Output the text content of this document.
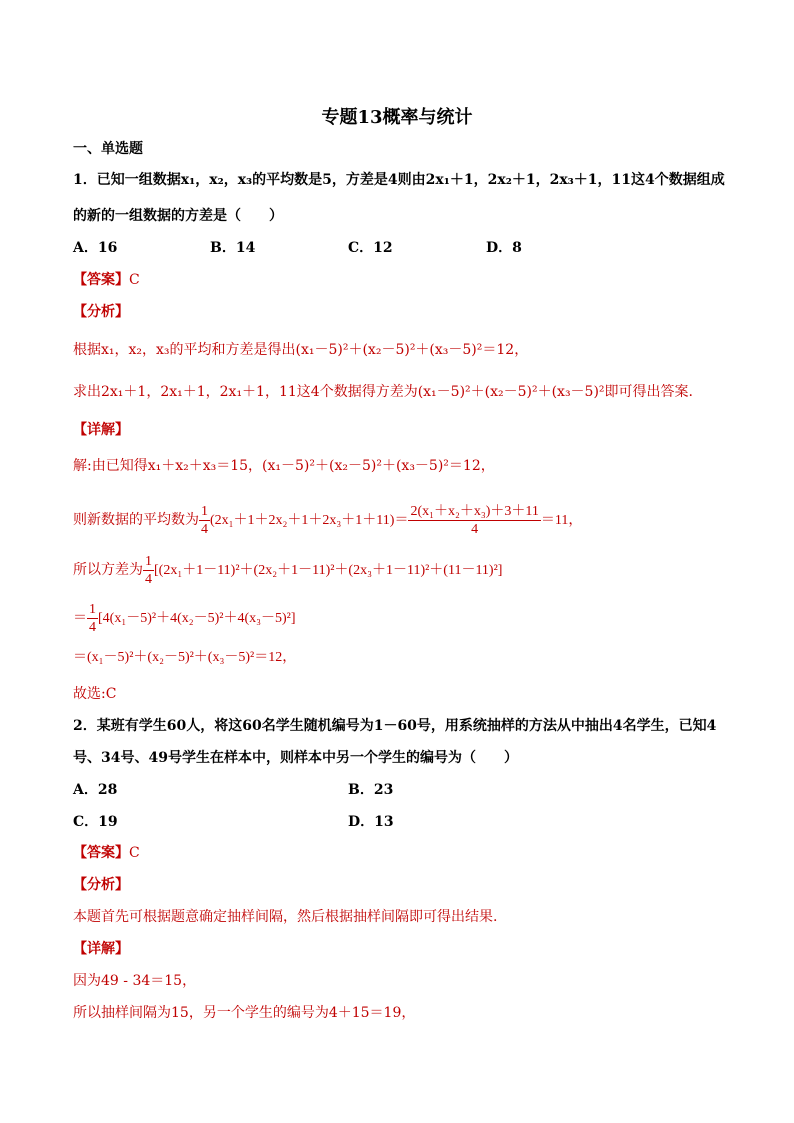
专题13概率与统计
一、单选题
1．已知一组数据x₁，x₂，x₃的平均数是5，方差是4则由2x₁＋1，2x₂＋1，2x₃＋1，11这4个数据组成
的新的一组数据的方差是（　　）
A．16	B．14	C．12	D．8
【答案】C
【分析】
根据x₁，x₂，x₃的平均和方差是得出(x₁－5)²＋(x₂－5)²＋(x₃－5)²＝12，
求出2x₁＋1，2x₁＋1，2x₁＋1，11这4个数据得方差为(x₁－5)²＋(x₂－5)²＋(x₃－5)²即可得出答案.
【详解】
解:由已知得x₁＋x₂＋x₃＝15，(x₁－5)²＋(x₂－5)²＋(x₃－5)²＝12，
则新数据的平均数为 $\frac{1}{4} (2x_1+1+2x_2+1+2x_3+1+11)= \frac{\text{2(x₁＋x₂＋x₃)＋3＋11}}{4} =11$，
所以方差为 $\frac{1}{4} [(2x_1+1-11)^2+(2x_2+1-11)^2+(2x_3+1-11)^2+(11-11)^2]$
＝ $\frac{1}{4} [4(x_1-5)^2+4(x_2-5)^2+4(x_3-5)^2]$
＝(x₁－5)²＋(x₂－5)²＋(x₃－5)²＝12，
故选:C
2．某班有学生60人，将这60名学生随机编号为1－60号，用系统抽样的方法从中抽出4名学生，已知4
号、34号、49号学生在样本中，则样本中另一个学生的编号为（　　）
A．28	B．23
C．19	D．13
【答案】C
【分析】
本题首先可根据题意确定抽样间隔，然后根据抽样间隔即可得出结果.
【详解】
因为49 - 34＝15，
所以抽样间隔为15，另一个学生的编号为4＋15＝19，
